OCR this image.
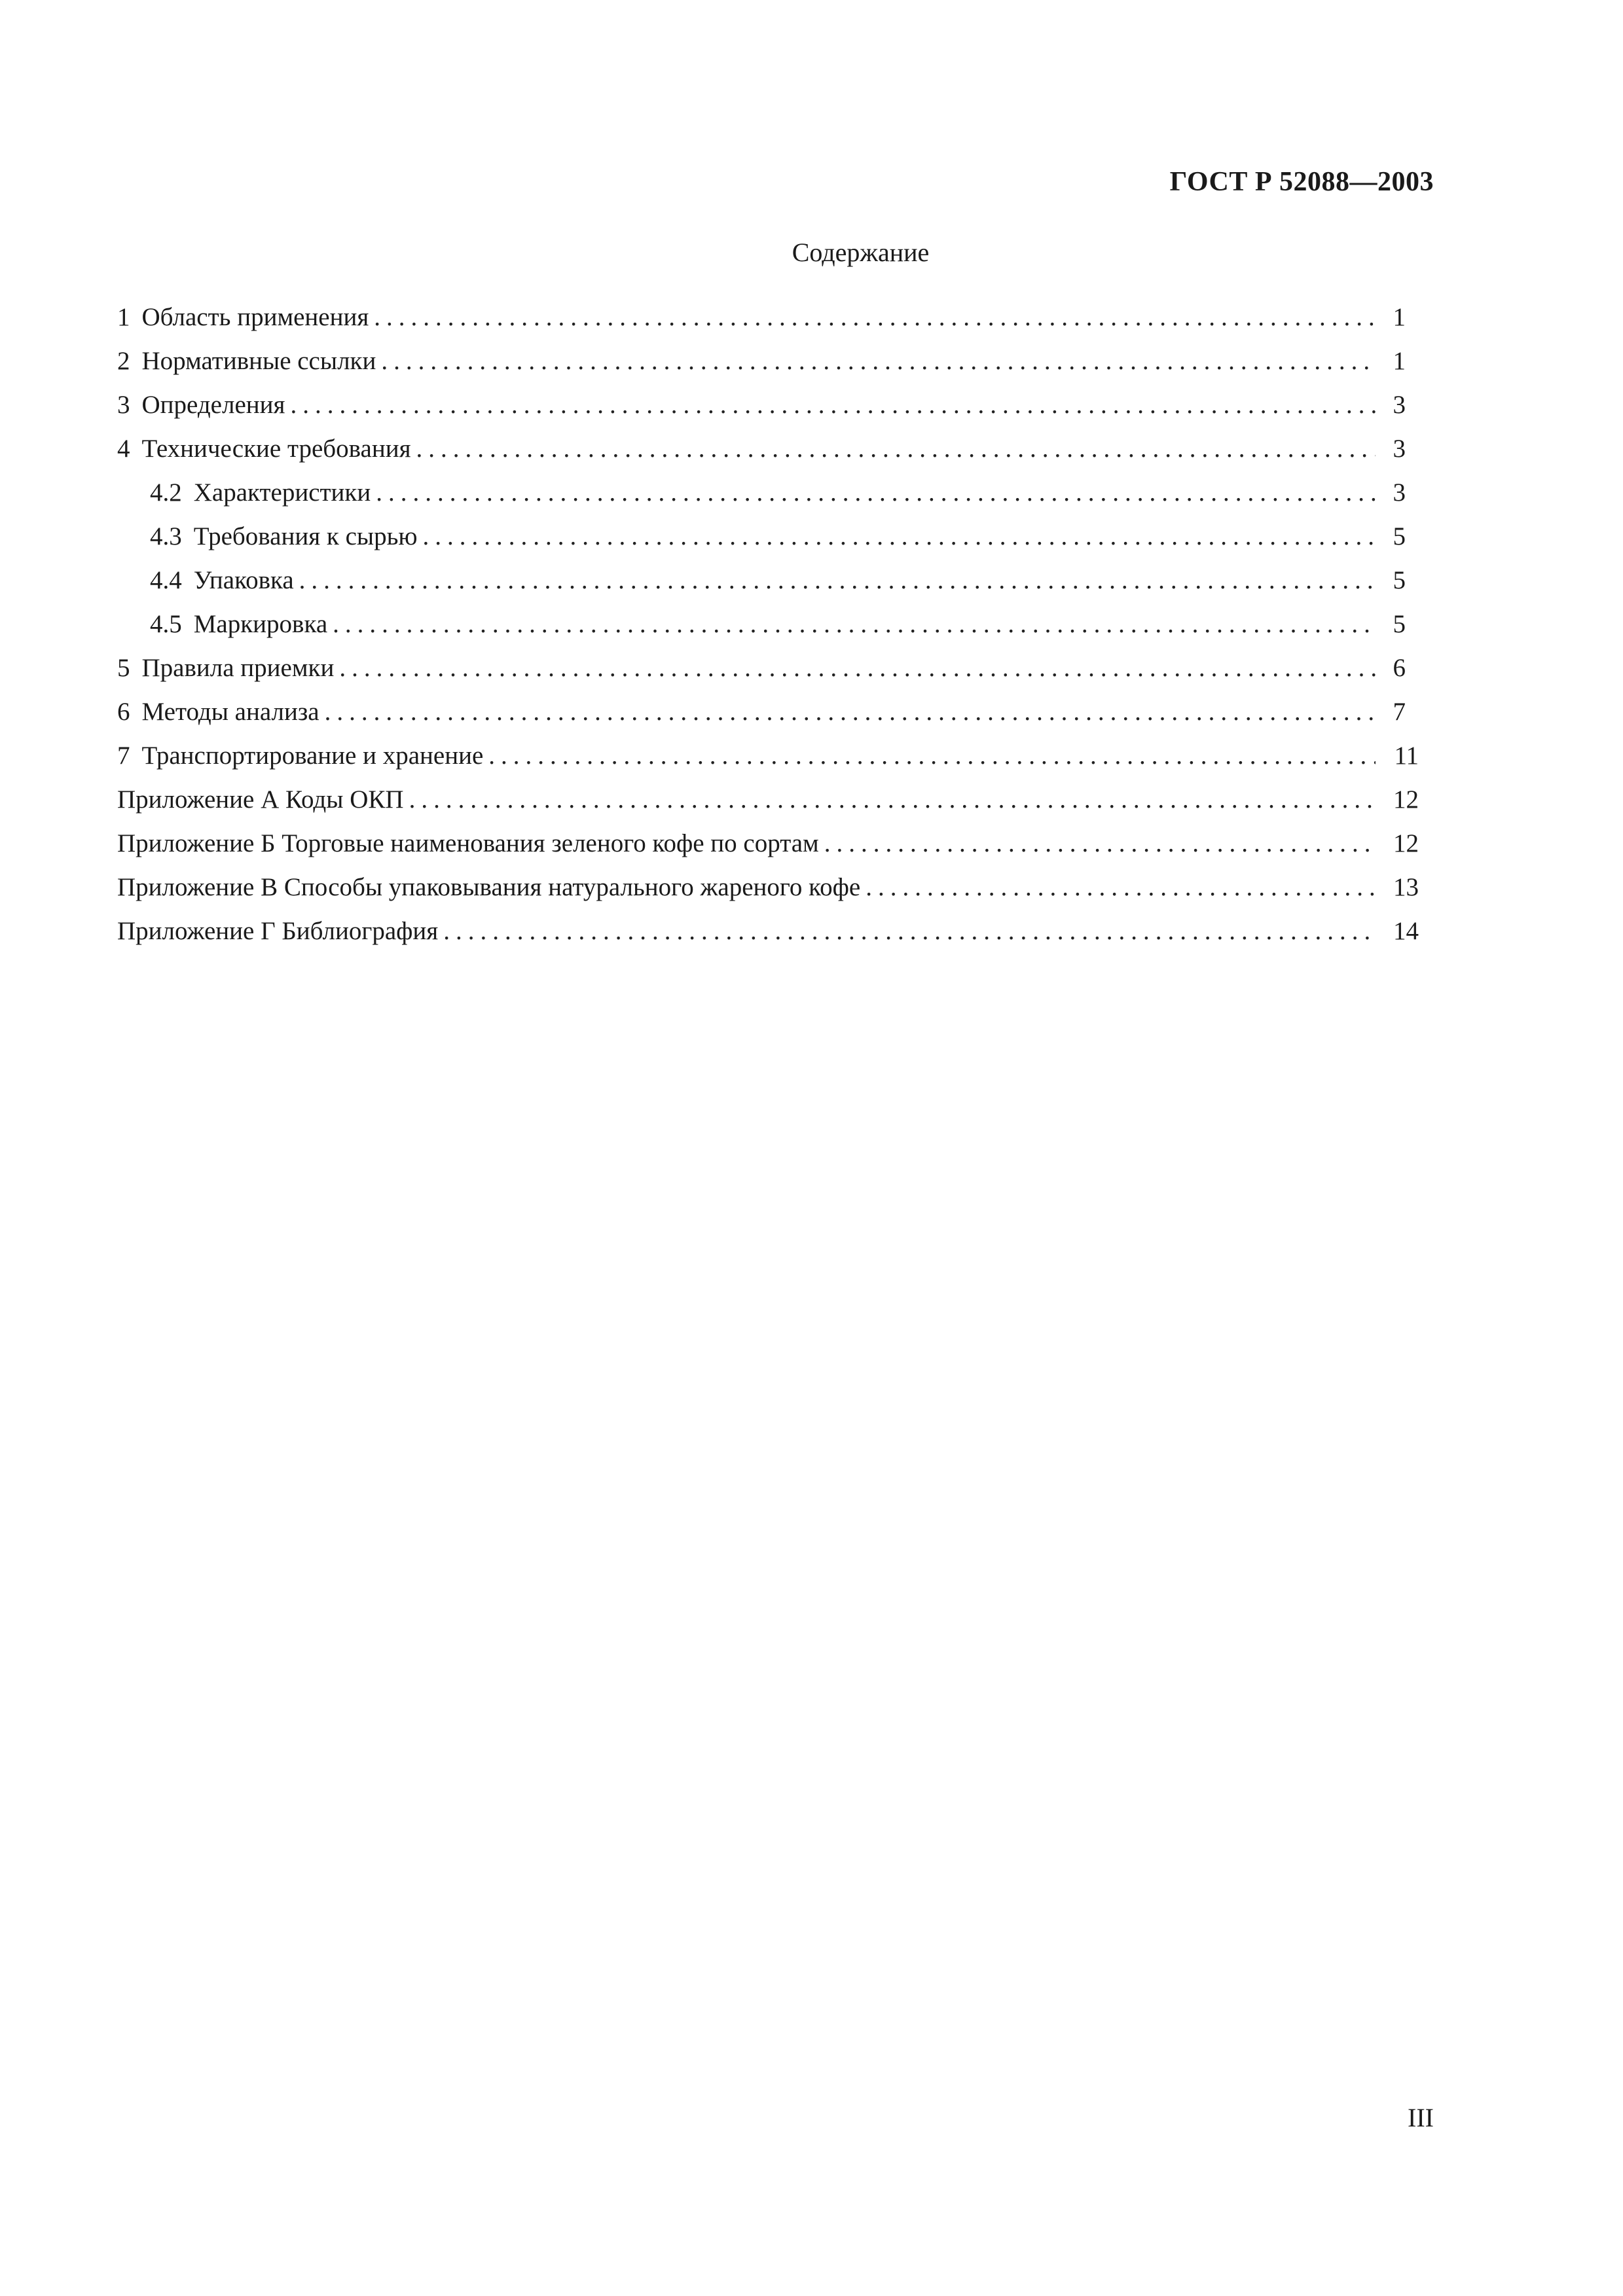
ГОСТ Р 52088—2003
Содержание
1 Область применения .....	1
2 Нормативные ссылки .....	1
3 Определения .....	3
4 Технические требования .....	3
4.2 Характеристики .....	3
4.3 Требования к сырью .....	5
4.4 Упаковка .....	5
4.5 Маркировка .....	5
5 Правила приемки .....	6
6 Методы анализа .....	7
7 Транспортирование и хранение .....	11
Приложение А Коды ОКП .....	12
Приложение Б Торговые наименования зеленого кофе по сортам .....	12
Приложение В Способы упаковывания натурального жареного кофе .....	13
Приложение Г Библиография .....	14
III
